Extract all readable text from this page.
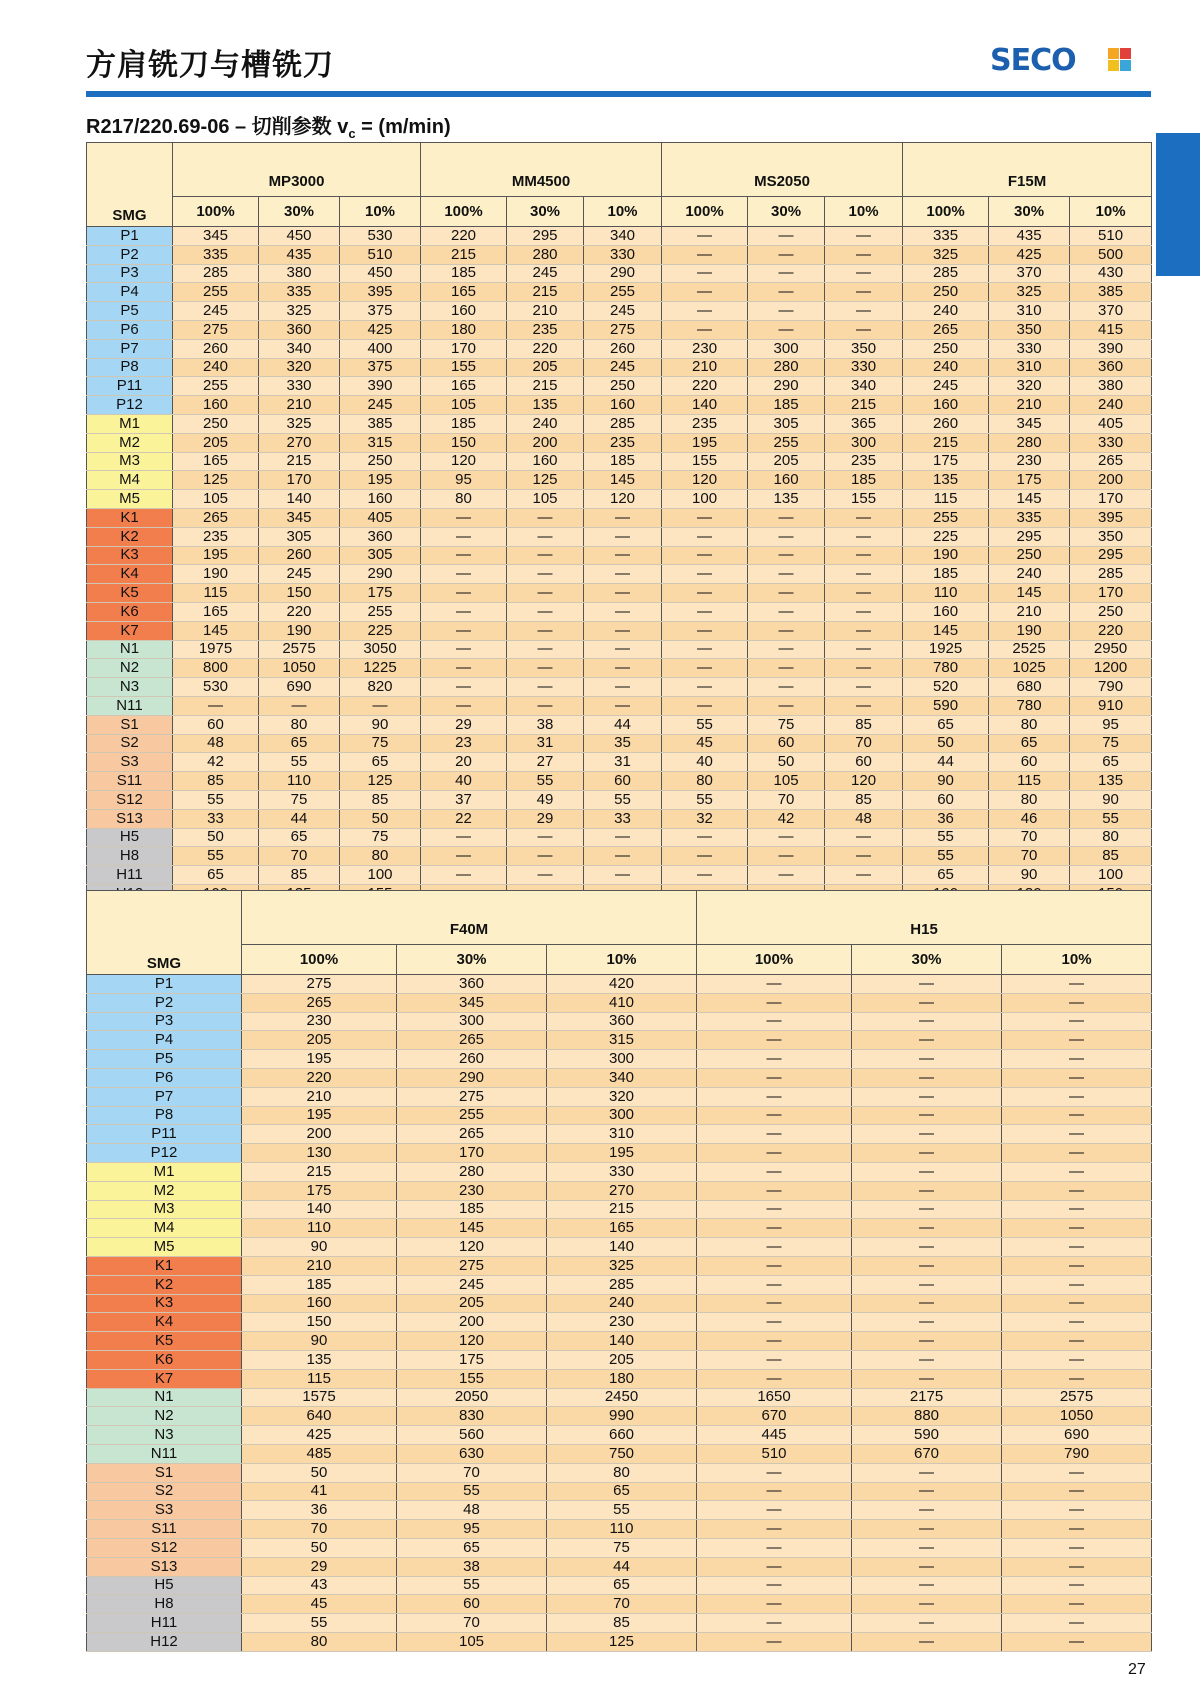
方肩铣刀与槽铣刀	SECO
R217/220.69-06 – 切削参数 $v_c = (m/\min)$
SMG	MP3000			MM4500			MS2050			F15M		
	100%	30%	10%	100%	30%	10%	100%	30%	10%	100%	30%	10%
P1	345	450	530	220	295	340	—	—	—	335	435	510
P2	335	435	510	215	280	330	—	—	—	325	425	500
P3	285	380	450	185	245	290	—	—	—	285	370	430
P4	255	335	395	165	215	255	—	—	—	250	325	385
P5	245	325	375	160	210	245	—	—	—	240	310	370
P6	275	360	425	180	235	275	—	—	—	265	350	415
P7	260	340	400	170	220	260	230	300	350	250	330	390
P8	240	320	375	155	205	245	210	280	330	240	310	360
P11	255	330	390	165	215	250	220	290	340	245	320	380
P12	160	210	245	105	135	160	140	185	215	160	210	240
M1	250	325	385	185	240	285	235	305	365	260	345	405
M2	205	270	315	150	200	235	195	255	300	215	280	330
M3	165	215	250	120	160	185	155	205	235	175	230	265
M4	125	170	195	95	125	145	120	160	185	135	175	200
M5	105	140	160	80	105	120	100	135	155	115	145	170
K1	265	345	405	—	—	—	—	—	—	255	335	395
K2	235	305	360	—	—	—	—	—	—	225	295	350
K3	195	260	305	—	—	—	—	—	—	190	250	295
K4	190	245	290	—	—	—	—	—	—	185	240	285
K5	115	150	175	—	—	—	—	—	—	110	145	170
K6	165	220	255	—	—	—	—	—	—	160	210	250
K7	145	190	225	—	—	—	—	—	—	145	190	220
N1	1975	2575	3050	—	—	—	—	—	—	1925	2525	2950
N2	800	1050	1225	—	—	—	—	—	—	780	1025	1200
N3	530	690	820	—	—	—	—	—	—	520	680	790
N11	—	—	—	—	—	—	—	—	—	590	780	910
S1	60	80	90	29	38	44	55	75	85	65	80	95
S2	48	65	75	23	31	35	45	60	70	50	65	75
S3	42	55	65	20	27	31	40	50	60	44	60	65
S11	85	110	125	40	55	60	80	105	120	90	115	135
S12	55	75	85	37	49	55	55	70	85	60	80	90
S13	33	44	50	22	29	33	32	42	48	36	46	55
H5	50	65	75	—	—	—	—	—	—	55	70	80
H8	55	70	80	—	—	—	—	—	—	55	70	85
H11	65	85	100	—	—	—	—	—	—	65	90	100

SMG	F40M			H15		
	100%	30%	10%	100%	30%	10%
P1	275	360	420	—	—	—
P2	265	345	410	—	—	—
P3	230	300	360	—	—	—
P4	205	265	315	—	—	—
P5	195	260	300	—	—	—
P6	220	290	340	—	—	—
P7	210	275	320	—	—	—
P8	195	255	300	—	—	—
P11	200	265	310	—	—	—
P12	130	170	195	—	—	—
M1	215	280	330	—	—	—
M2	175	230	270	—	—	—
M3	140	185	215	—	—	—
M4	110	145	165	—	—	—
M5	90	120	140	—	—	—
K1	210	275	325	—	—	—
K2	185	245	285	—	—	—
K3	160	205	240	—	—	—
K4	150	200	230	—	—	—
K5	90	120	140	—	—	—
K6	135	175	205	—	—	—
K7	115	155	180	—	—	—
N1	1575	2050	2450	1650	2175	2575
N2	640	830	990	670	880	1050
N3	425	560	660	445	590	690
N11	485	630	750	510	670	790
S1	50	70	80	—	—	—
S2	41	55	65	—	—	—
S3	36	48	55	—	—	—
S11	70	95	110	—	—	—
S12	50	65	75	—	—	—
S13	29	38	44	—	—	—
H5	43	55	65	—	—	—
H8	45	60	70	—	—	—
H11	55	70	85	—	—	—
H12	80	105	125	—	—	—
27
